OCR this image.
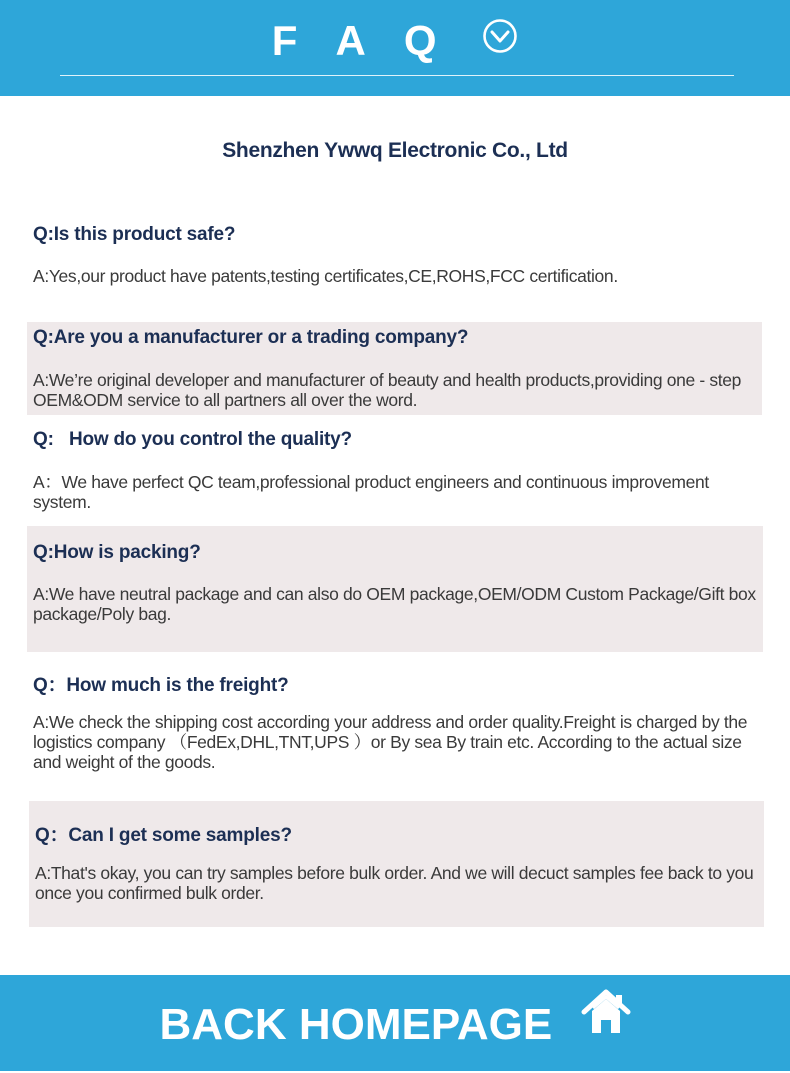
F A Q
Shenzhen Ywwq Electronic Co., Ltd
Q:Is this product safe?
A:Yes,our product have patents,testing certificates,CE,ROHS,FCC certification.
Q:Are you a manufacturer or a trading company?
A:We’re original developer and manufacturer of beauty and health products,providing one - step OEM&ODM service to all partners all over the word.
Q:   How do you control the quality?
A：We have perfect QC team,professional product engineers and continuous improvement system.
Q:How is packing?
A:We have neutral package and can also do OEM package,OEM/ODM Custom Package/Gift box package/Poly bag.
Q：How much is the freight?
A:We check the shipping cost according your address and order quality.Freight is charged by the logistics company （FedEx,DHL,TNT,UPS ）or By sea By train etc. According to the actual size and weight of the goods.
Q：Can I get some samples?
A:That's okay, you can try samples before bulk order. And we will decuct samples fee back to you once you confirmed bulk order.
BACK HOMEPAGE
